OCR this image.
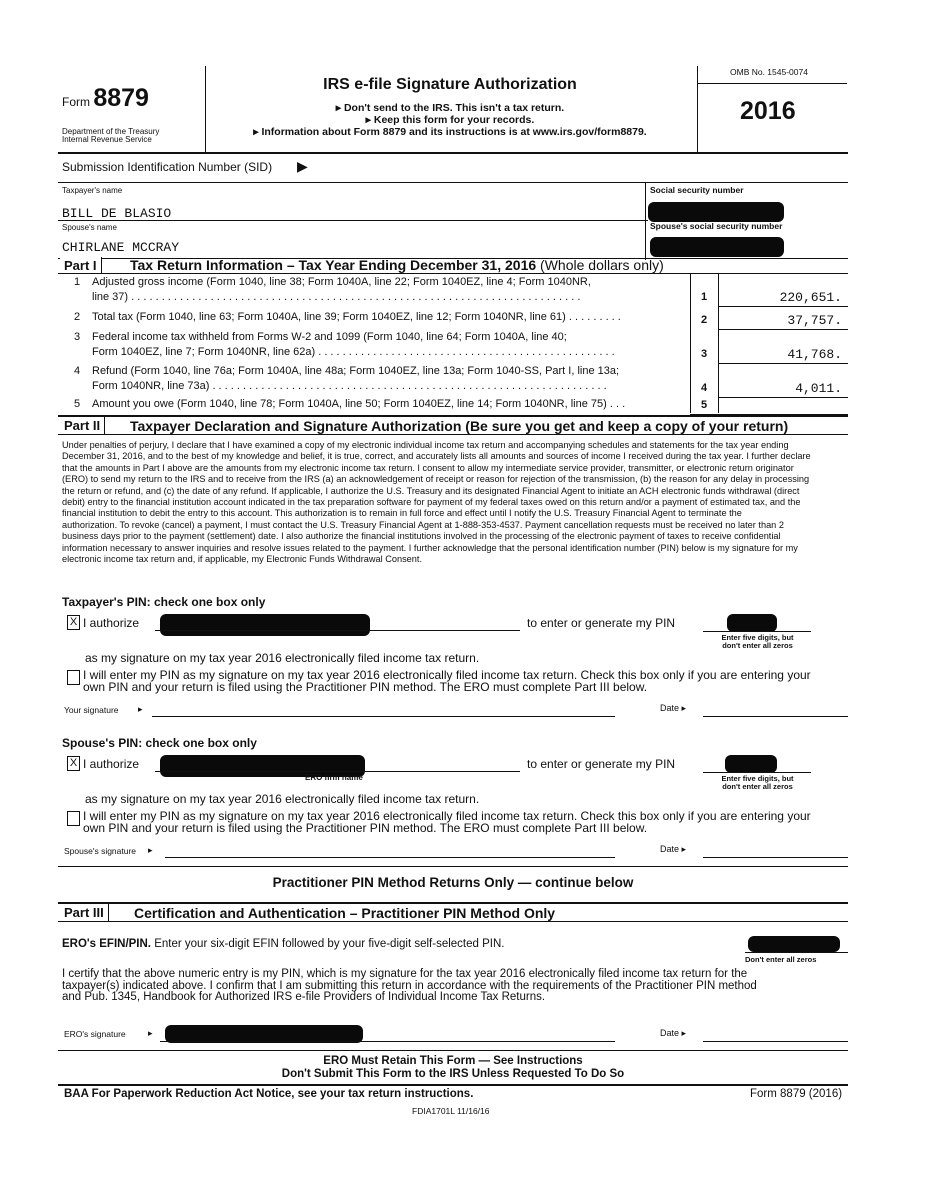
Form 8879
Department of the Treasury
Internal Revenue Service
IRS e-file Signature Authorization
▸ Don't send to the IRS. This isn't a tax return.
▸ Keep this form for your records.
▸ Information about Form 8879 and its instructions is at www.irs.gov/form8879.
OMB No. 1545-0074
2016
Submission Identification Number (SID) ▶
Taxpayer's name
BILL DE BLASIO
Social security number
Spouse's name	Spouse's social security number
CHIRLANE MCCRAY
Part I	Tax Return Information – Tax Year Ending December 31, 2016 (Whole dollars only)
1 Adjusted gross income (Form 1040, line 38; Form 1040A, line 22; Form 1040EZ, line 4; Form 1040NR,
line 37) . . . . . . . . . . . . . . . . . . . . . . . . . . . . . . . . . . . . . . . . . . . . . . . . . . . . . . . . . . . . . . . . . . . . . . . . . .	1	220,651.
2 Total tax (Form 1040, line 63; Form 1040A, line 39; Form 1040EZ, line 12; Form 1040NR, line 61) . . . . . . . . .	2	37,757.
3 Federal income tax withheld from Forms W-2 and 1099 (Form 1040, line 64; Form 1040A, line 40;
Form 1040EZ, line 7; Form 1040NR, line 62a) . . . . . . . . . . . . . . . . . . . . . . . . . . . . . . . . . . . . . . . . . . . . . . . . .	3	41,768.
4 Refund (Form 1040, line 76a; Form 1040A, line 48a; Form 1040EZ, line 13a; Form 1040-SS, Part I, line 13a;
Form 1040NR, line 73a) . . . . . . . . . . . . . . . . . . . . . . . . . . . . . . . . . . . . . . . . . . . . . . . . . . . . . . . . . . . . . . . . .	4	4,011.
5 Amount you owe (Form 1040, line 78; Form 1040A, line 50; Form 1040EZ, line 14; Form 1040NR, line 75) . . .	5
Part II	Taxpayer Declaration and Signature Authorization (Be sure you get and keep a copy of your return)
Under penalties of perjury, I declare that I have examined a copy of my electronic individual income tax return and accompanying schedules and statements for the tax year ending
December 31, 2016, and to the best of my knowledge and belief, it is true, correct, and accurately lists all amounts and sources of income I received during the tax year. I further declare
that the amounts in Part I above are the amounts from my electronic income tax return. I consent to allow my intermediate service provider, transmitter, or electronic return originator
(ERO) to send my return to the IRS and to receive from the IRS (a) an acknowledgement of receipt or reason for rejection of the transmission, (b) the reason for any delay in processing
the return or refund, and (c) the date of any refund. If applicable, I authorize the U.S. Treasury and its designated Financial Agent to initiate an ACH electronic funds withdrawal (direct
debit) entry to the financial institution account indicated in the tax preparation software for payment of my federal taxes owed on this return and/or a payment of estimated tax, and the
financial institution to debit the entry to this account. This authorization is to remain in full force and effect until I notify the U.S. Treasury Financial Agent to terminate the
authorization. To revoke (cancel) a payment, I must contact the U.S. Treasury Financial Agent at 1-888-353-4537. Payment cancellation requests must be received no later than 2
business days prior to the payment (settlement) date. I also authorize the financial institutions involved in the processing of the electronic payment of taxes to receive confidential
information necessary to answer inquiries and resolve issues related to the payment. I further acknowledge that the personal identification number (PIN) below is my signature for my
electronic income tax return and, if applicable, my Electronic Funds Withdrawal Consent.
Taxpayer's PIN: check one box only
X I authorize	to enter or generate my PIN
Enter five digits, but
don't enter all zeros
as my signature on my tax year 2016 electronically filed income tax return.
I will enter my PIN as my signature on my tax year 2016 electronically filed income tax return. Check this box only if you are entering your
own PIN and your return is filed using the Practitioner PIN method. The ERO must complete Part III below.
Your signature ▸	Date ▸
Spouse's PIN: check one box only
X I authorize
ERO firm name
to enter or generate my PIN
Enter five digits, but
don't enter all zeros
as my signature on my tax year 2016 electronically filed income tax return.
I will enter my PIN as my signature on my tax year 2016 electronically filed income tax return. Check this box only if you are entering your
own PIN and your return is filed using the Practitioner PIN method. The ERO must complete Part III below.
Spouse's signature ▸	Date ▸
Practitioner PIN Method Returns Only — continue below
Part III	Certification and Authentication – Practitioner PIN Method Only
ERO's EFIN/PIN. Enter your six-digit EFIN followed by your five-digit self-selected PIN.
Don't enter all zeros
I certify that the above numeric entry is my PIN, which is my signature for the tax year 2016 electronically filed income tax return for the
taxpayer(s) indicated above. I confirm that I am submitting this return in accordance with the requirements of the Practitioner PIN method
and Pub. 1345, Handbook for Authorized IRS e-file Providers of Individual Income Tax Returns.
ERO's signature ▸	Date ▸
ERO Must Retain This Form — See Instructions
Don't Submit This Form to the IRS Unless Requested To Do So
BAA For Paperwork Reduction Act Notice, see your tax return instructions.	Form 8879 (2016)
FDIA1701L 11/16/16
